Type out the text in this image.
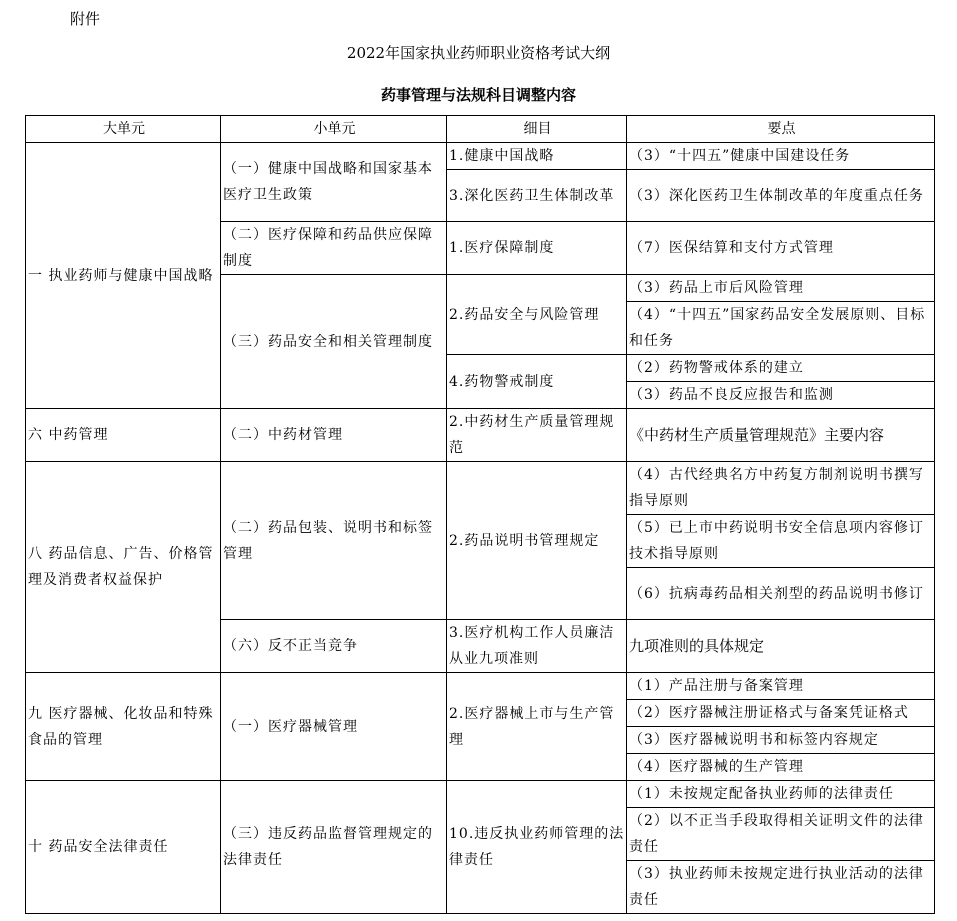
附件
2022年国家执业药师职业资格考试大纲
药事管理与法规科目调整内容
大单元	小单元	细目	要点
一 执业药师与健康中国战略	（一）健康中国战略和国家基本医疗卫生政策	1.健康中国战略	（3）“十四五”健康中国建设任务
		3.深化医药卫生体制改革	（3）深化医药卫生体制改革的年度重点任务
	（二）医疗保障和药品供应保障制度	1.医疗保障制度	（7）医保结算和支付方式管理
	（三）药品安全和相关管理制度	2.药品安全与风险管理	（3）药品上市后风险管理
			（4）“十四五”国家药品安全发展原则、目标和任务
		4.药物警戒制度	（2）药物警戒体系的建立
			（3）药品不良反应报告和监测
六 中药管理	（二）中药材管理	2.中药材生产质量管理规范	《中药材生产质量管理规范》主要内容
八 药品信息、广告、价格管理及消费者权益保护	（二）药品包装、说明书和标签管理	2.药品说明书管理规定	（4）古代经典名方中药复方制剂说明书撰写指导原则
			（5）已上市中药说明书安全信息项内容修订技术指导原则
			（6）抗病毒药品相关剂型的药品说明书修订
	（六）反不正当竞争	3.医疗机构工作人员廉洁从业九项准则	九项准则的具体规定
九 医疗器械、化妆品和特殊食品的管理	（一）医疗器械管理	2.医疗器械上市与生产管理	（1）产品注册与备案管理
			（2）医疗器械注册证格式与备案凭证格式
			（3）医疗器械说明书和标签内容规定
			（4）医疗器械的生产管理
十 药品安全法律责任	（三）违反药品监督管理规定的法律责任	10.违反执业药师管理的法律责任	（1）未按规定配备执业药师的法律责任
			（2）以不正当手段取得相关证明文件的法律责任
			（3）执业药师未按规定进行执业活动的法律责任
